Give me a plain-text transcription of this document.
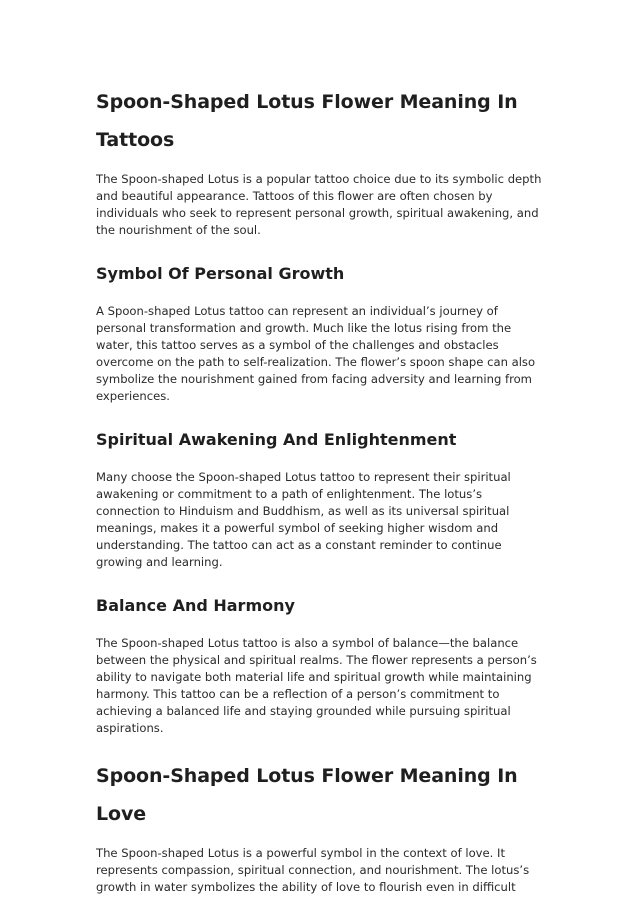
Spoon-Shaped Lotus Flower Meaning In Tattoos

The Spoon-shaped Lotus is a popular tattoo choice due to its symbolic depth and beautiful appearance. Tattoos of this flower are often chosen by individuals who seek to represent personal growth, spiritual awakening, and the nourishment of the soul.

Symbol Of Personal Growth

A Spoon-shaped Lotus tattoo can represent an individual’s journey of personal transformation and growth. Much like the lotus rising from the water, this tattoo serves as a symbol of the challenges and obstacles overcome on the path to self-realization. The flower’s spoon shape can also symbolize the nourishment gained from facing adversity and learning from experiences.

Spiritual Awakening And Enlightenment

Many choose the Spoon-shaped Lotus tattoo to represent their spiritual awakening or commitment to a path of enlightenment. The lotus’s connection to Hinduism and Buddhism, as well as its universal spiritual meanings, makes it a powerful symbol of seeking higher wisdom and understanding. The tattoo can act as a constant reminder to continue growing and learning.

Balance And Harmony

The Spoon-shaped Lotus tattoo is also a symbol of balance—the balance between the physical and spiritual realms. The flower represents a person’s ability to navigate both material life and spiritual growth while maintaining harmony. This tattoo can be a reflection of a person’s commitment to achieving a balanced life and staying grounded while pursuing spiritual aspirations.

Spoon-Shaped Lotus Flower Meaning In Love

The Spoon-shaped Lotus is a powerful symbol in the context of love. It represents compassion, spiritual connection, and nourishment. The lotus’s growth in water symbolizes the ability of love to flourish even in difficult
